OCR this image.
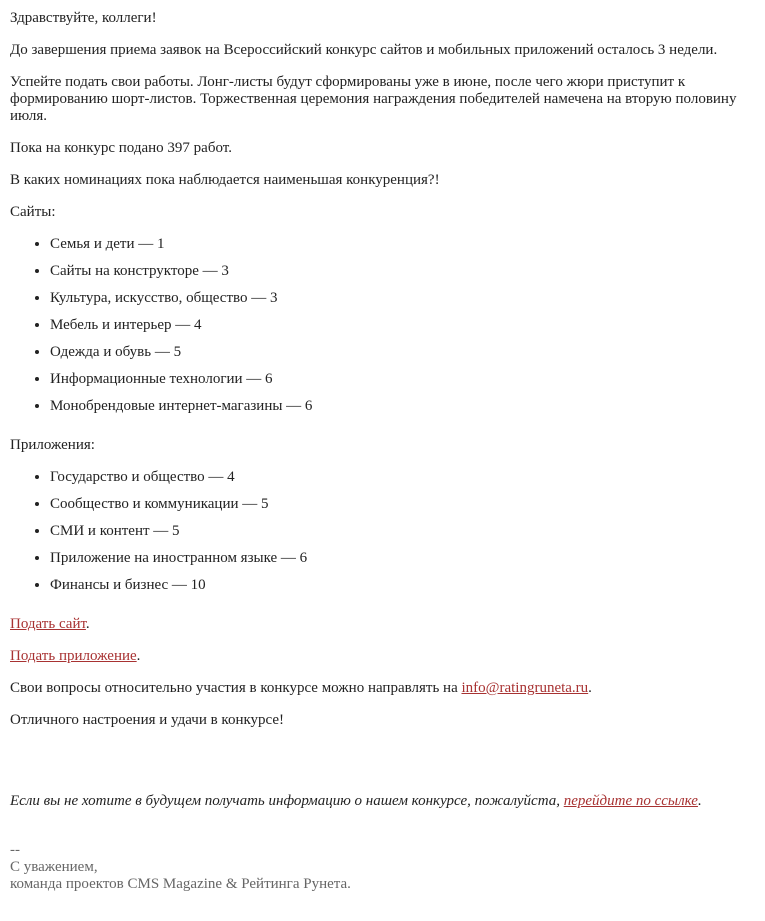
Здравствуйте, коллеги!

До завершения приема заявок на Всероссийский конкурс сайтов и мобильных приложений осталось 3 недели.

Успейте подать свои работы. Лонг-листы будут сформированы уже в июне, после чего жюри приступит к формированию шорт-листов. Торжественная церемония награждения победителей намечена на вторую половину июля.

Пока на конкурс подано 397 работ.

В каких номинациях пока наблюдается наименьшая конкуренция?!

Сайты:

• Семья и дети — 1
• Сайты на конструкторе — 3
• Культура, искусство, общество — 3
• Мебель и интерьер — 4
• Одежда и обувь — 5
• Информационные технологии — 6
• Монобрендовые интернет-магазины — 6

Приложения:

• Государство и общество — 4
• Сообщество и коммуникации — 5
• СМИ и контент — 5
• Приложение на иностранном языке — 6
• Финансы и бизнес — 10

Подать сайт.

Подать приложение.

Свои вопросы относительно участия в конкурсе можно направлять на info@ratingruneta.ru.

Отличного настроения и удачи в конкурсе!

Если вы не хотите в будущем получать информацию о нашем конкурсе, пожалуйста, перейдите по ссылке.

--

С уважением,

команда проектов CMS Magazine & Рейтинга Рунета.
